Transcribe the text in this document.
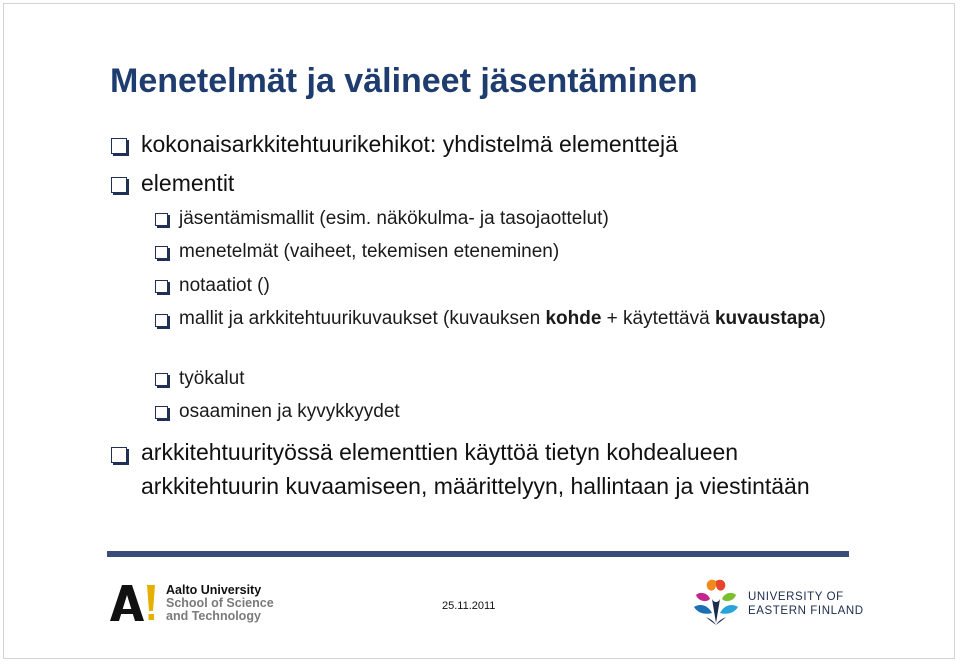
Menetelmät ja välineet jäsentäminen
kokonaisarkkitehtuurikehikot: yhdistelmä elementtejä
elementit
jäsentämismallit (esim. näkökulma- ja tasojaottelut)
menetelmät (vaiheet, tekemisen eteneminen)
notaatiot ()
mallit ja arkkitehtuurikuvaukset (kuvauksen kohde + käytettävä kuvaustapa)
työkalut
osaaminen ja kyvykkyydet
arkkitehtuurityössä elementtien käyttöä tietyn kohdealueen arkkitehtuurin kuvaamiseen, määrittelyyn, hallintaan ja viestintään
Aalto University
School of Science
and Technology
25.11.2011
UNIVERSITY OF
EASTERN FINLAND
